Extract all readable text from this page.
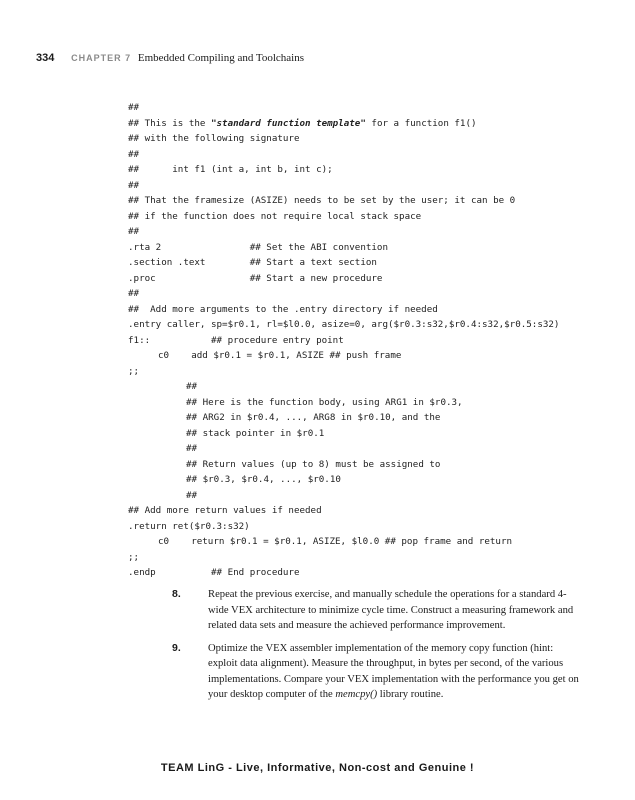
334 CHAPTER 7 Embedded Compiling and Toolchains
##
## This is the "standard function template" for a function f1()
## with the following signature
##
##      int f1 (int a, int b, int c);
##
## That the framesize (ASIZE) needs to be set by the user; it can be 0
## if the function does not require local stack space
##
.rta 2                ## Set the ABI convention
.section .text        ## Start a text section
.proc                 ## Start a new procedure
##
##  Add more arguments to the .entry directory if needed
.entry caller, sp=$r0.1, rl=$l0.0, asize=0, arg($r0.3:s32,$r0.4:s32,$r0.5:s32)
f1::           ## procedure entry point
c0    add $r0.1 = $r0.1, ASIZE ## push frame
;;
##
## Here is the function body, using ARG1 in $r0.3,
## ARG2 in $r0.4, ..., ARG8 in $r0.10, and the
## stack pointer in $r0.1
##
## Return values (up to 8) must be assigned to
## $r0.3, $r0.4, ..., $r0.10
##
## Add more return values if needed
.return ret($r0.3:s32)
c0    return $r0.1 = $r0.1, ASIZE, $l0.0 ## pop frame and return
;;
.endp          ## End procedure
8.	Repeat the previous exercise, and manually schedule the operations for a standard 4-wide VEX architecture to minimize cycle time. Construct a measuring framework and related data sets and measure the achieved performance improvement.
9.	Optimize the VEX assembler implementation of the memory copy function (hint: exploit data alignment). Measure the throughput, in bytes per second, of the various implementations. Compare your VEX implementation with the performance you get on your desktop computer of the memcpy() library routine.
TEAM LinG - Live, Informative, Non-cost and Genuine !
